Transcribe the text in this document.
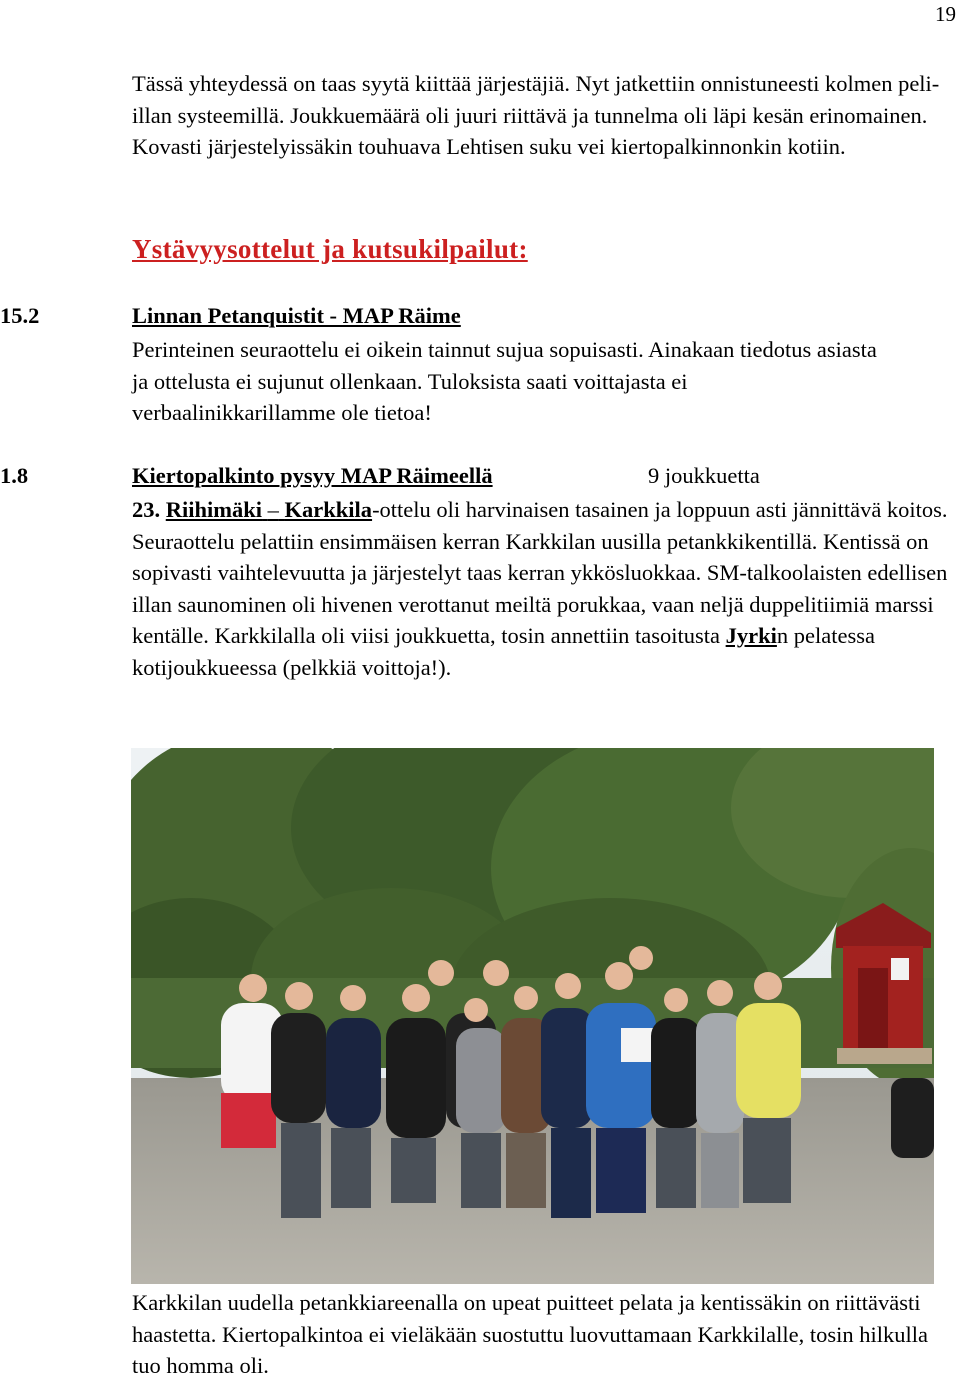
19

Tässä yhteydessä on taas syytä kiittää järjestäjiä. Nyt jatkettiin onnistuneesti kolmen peli-illan systeemillä. Joukkuemäärä oli juuri riittävä ja tunnelma oli läpi kesän erinomainen. Kovasti järjestelyissäkin touhuava Lehtisen suku vei kiertopalkinnonkin kotiin.

Ystävyysottelut ja kutsukilpailut:
15.2	Linnan Petanquistit - MAP Räime

Perinteinen seuraottelu ei oikein tainnut sujua sopuisasti. Ainakaan tiedotus asiasta ja ottelusta ei sujunut ollenkaan. Tuloksista saati voittajasta ei verbaalinikkarillamme ole tietoa!

1.8	Kiertopalkinto pysyy MAP Räimeellä	9 joukkuetta

23. Riihimäki – Karkkila-ottelu oli harvinaisen tasainen ja loppuun asti jännittävä koitos. Seuraottelu pelattiin ensimmäisen kerran Karkkilan uusilla petankkikentillä. Kentissä on sopivasti vaihtelevuutta ja järjestelyt taas kerran ykkösluokkaa. SM-talkoolaisten edellisen illan saunominen oli hivenen verottanut meiltä porukkaa, vaan neljä duppelitiimiä marssi kentälle. Karkkilalla oli viisi joukkuetta, tosin annettiin tasoitusta Jyrkin pelatessa kotijoukkueessa (pelkkiä voittoja!).

Karkkilan uudella petankkiareenalla on upeat puitteet pelata ja kentissäkin on riittävästi haastetta. Kiertopalkintoa ei vieläkään suostuttu luovuttamaan Karkkilalle, tosin hilkulla tuo homma oli.
